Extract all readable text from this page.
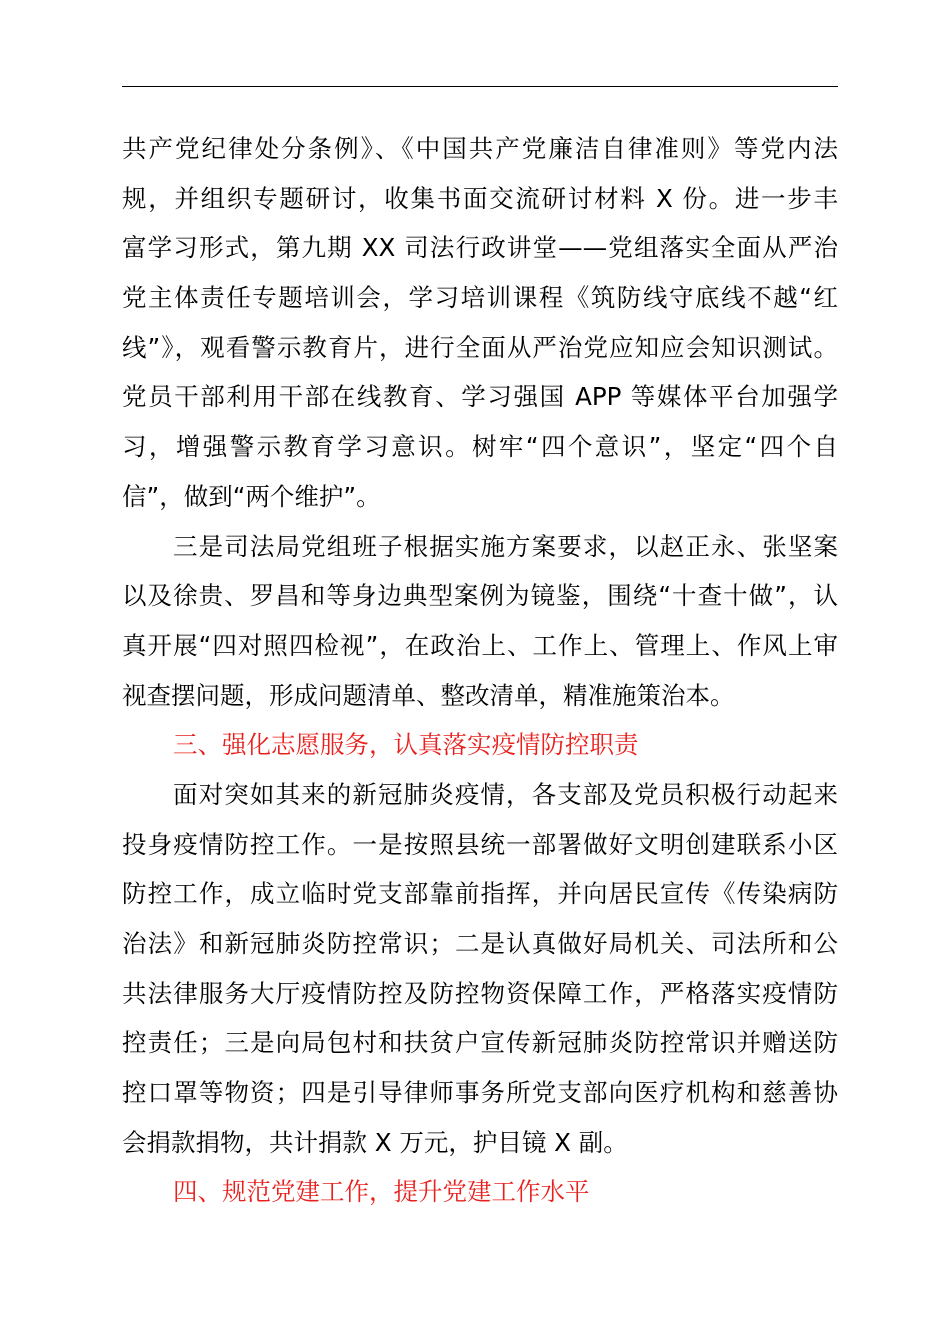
共产党纪律处分条例》、《中国共产党廉洁自律准则》等党内法
规，并组织专题研讨，收集书面交流研讨材料 X 份。进一步丰
富学习形式，第九期 XX 司法行政讲堂——党组落实全面从严治
党主体责任专题培训会，学习培训课程《筑防线守底线不越“红
线”》，观看警示教育片，进行全面从严治党应知应会知识测试。
党员干部利用干部在线教育、学习强国 APP 等媒体平台加强学
习，增强警示教育学习意识。树牢“四个意识”，坚定“四个自
信”，做到“两个维护”。
三是司法局党组班子根据实施方案要求，以赵正永、张坚案
以及徐贵、罗昌和等身边典型案例为镜鉴，围绕“十查十做”，认
真开展“四对照四检视”，在政治上、工作上、管理上、作风上审
视查摆问题，形成问题清单、整改清单，精准施策治本。
三、强化志愿服务，认真落实疫情防控职责
面对突如其来的新冠肺炎疫情，各支部及党员积极行动起来
投身疫情防控工作。一是按照县统一部署做好文明创建联系小区
防控工作，成立临时党支部靠前指挥，并向居民宣传《传染病防
治法》和新冠肺炎防控常识；二是认真做好局机关、司法所和公
共法律服务大厅疫情防控及防控物资保障工作，严格落实疫情防
控责任；三是向局包村和扶贫户宣传新冠肺炎防控常识并赠送防
控口罩等物资；四是引导律师事务所党支部向医疗机构和慈善协
会捐款捐物，共计捐款 X 万元，护目镜 X 副。
四、规范党建工作，提升党建工作水平
